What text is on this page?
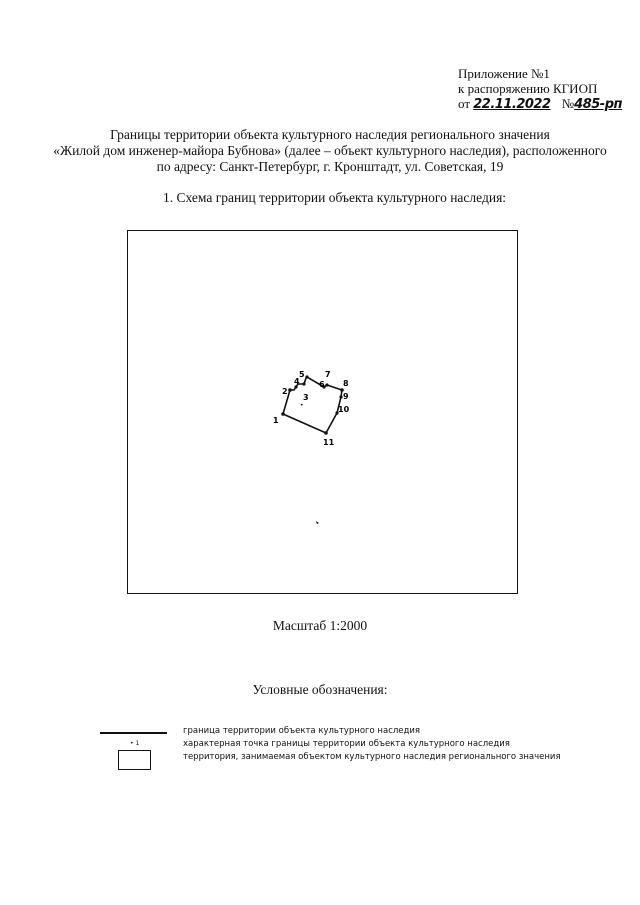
Приложение №1
к распоряжению КГИОП
от 22.11.2022 №485-рп
Границы территории объекта культурного наследия регионального значения
«Жилой дом инженер-майора Бубнова» (далее – объект культурного наследия), расположенного
по адресу: Санкт-Петербург, г. Кронштадт, ул. Советская, 19
1. Схема границ территории объекта культурного наследия:
•
1
2
3
4
5
6
7
8
9
10
11
Масштаб 1:2000
Условные обозначения:
• 1
граница территории объекта культурного наследия
характерная точка границы территории объекта культурного наследия
территория, занимаемая объектом культурного наследия регионального значения
